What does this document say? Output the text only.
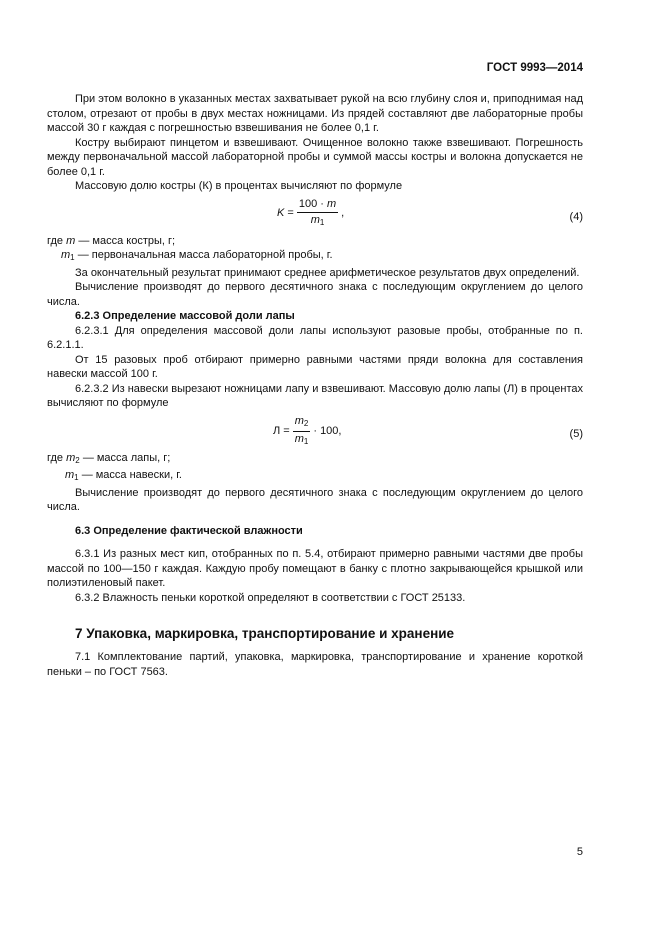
ГОСТ 9993—2014

При этом волокно в указанных местах захватывает рукой на всю глубину слоя и, приподнимая над столом, отрезают от пробы в двух местах ножницами. Из прядей составляют две лабораторные пробы массой 30 г каждая с погрешностью взвешивания не более 0,1 г.

Костру выбирают пинцетом и взвешивают. Очищенное волокно также взвешивают. Погрешность между первоначальной массой лабораторной пробы и суммой массы костры и волокна допускается не более 0,1 г.

Массовую долю костры (К) в процентах вычисляют по формуле

K
= $\frac{100 \cdot m}{m_1}$ ,	(4)

где m — масса костры, г;

$m_1$ — первоначальная масса лабораторной пробы, г.

За окончательный результат принимают среднее арифметическое результатов двух определений.

Вычисление производят до первого десятичного знака с последующим округлением до целого числа.

6.2.3 Определение массовой доли лапы

6.2.3.1 Для определения массовой доли лапы используют разовые пробы, отобранные по п. 6.2.1.1.

От 15 разовых проб отбирают примерно равными частями пряди волокна для составления навески массой 100 г.

6.2.3.2 Из навески вырезают ножницами лапу и взвешивают. Массовую долю лапы (Л) в процентах вычисляют по формуле

Л
= $\frac{m_2}{m_1} \cdot 100$,	(5)

где $m_2$ — масса лапы, г;

$m_1$ — масса навески, г.

Вычисление производят до первого десятичного знака с последующим округлением до целого числа.

6.3 Определение фактической влажности

6.3.1 Из разных мест кип, отобранных по п. 5.4, отбирают примерно равными частями две пробы массой по 100—150 г каждая. Каждую пробу помещают в банку с плотно закрывающейся крышкой или полиэтиленовый пакет.

6.3.2 Влажность пеньки короткой определяют в соответствии с ГОСТ 25133.

7 Упаковка, маркировка, транспортирование и хранение

7.1 Комплектование партий, упаковка, маркировка, транспортирование и хранение короткой пеньки – по ГОСТ 7563.

5
